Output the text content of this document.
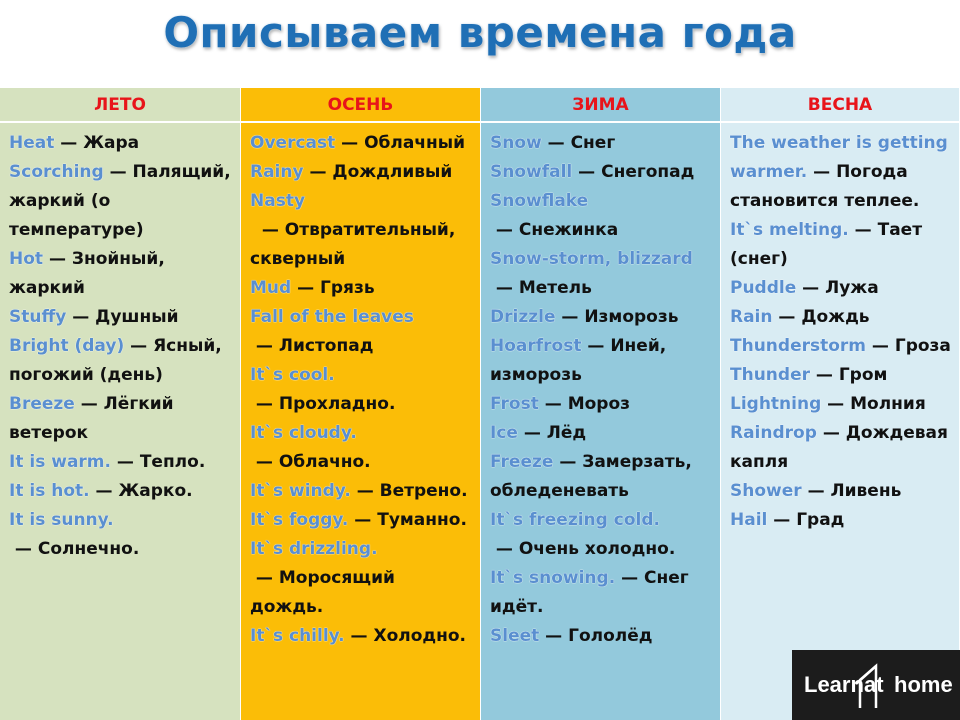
Описываем времена года
ЛЕТО
Heat — Жара
Scorching — Палящий, жаркий (о температуре)
Hot — Знойный, жаркий
Stuffy — Душный
Bright (day) — Ясный, погожий (день)
Breeze — Лёгкий ветерок
It is warm. — Тепло.
It is hot. — Жарко.
It is sunny. — Солнечно.
ОСЕНЬ
Overcast — Облачный
Rainy — Дождливый
Nasty  — Отвратительный, скверный
Mud — Грязь
Fall of the leaves — Листопад
It`s cool. — Прохладно.
It`s cloudy. — Облачно.
It`s windy. — Ветрено.
It`s foggy. — Туманно.
It`s drizzling. — Моросящий дождь.
It`s chilly. — Холодно.
ЗИМА
Snow — Снег
Snowfall — Снегопад
Snowflake — Снежинка
Snow-storm, blizzard — Метель
Drizzle — Изморозь
Hoarfrost — Иней, изморозь
Frost — Мороз
Ice — Лёд
Freeze — Замерзать, обледеневать
It`s freezing cold. — Очень холодно.
It`s snowing. — Снег идёт.
Sleet — Гололёд
ВЕСНА
The weather is getting warmer. — Погода становится теплее.
It`s melting. — Тает (снег)
Puddle — Лужа
Rain — Дождь
Thunderstorm — Гроза
Thunder — Гром
Lightning — Молния
Raindrop — Дождевая капля
Shower — Ливень
Hail — Град
Learn at home
